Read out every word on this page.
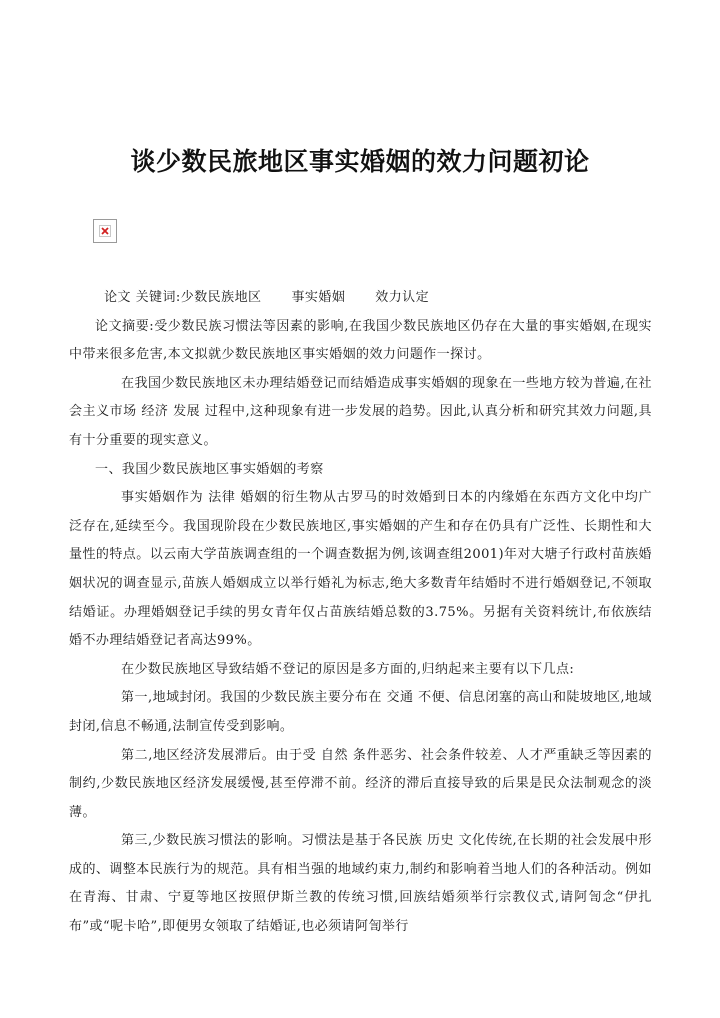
谈少数民旅地区事实婚姻的效力问题初论

论文 关键词:少数民族地区 事实婚姻 效力认定

论文摘要:受少数民族习惯法等因素的影响,在我国少数民族地区仍存在大量的事实婚姻,在现实中带来很多危害,本文拟就少数民族地区事实婚姻的效力问题作一探讨。

在我国少数民族地区未办理结婚登记而结婚造成事实婚姻的现象在一些地方较为普遍,在社会主义市场 经济 发展 过程中,这种现象有进一步发展的趋势。因此,认真分析和研究其效力问题,具有十分重要的现实意义。

一、我国少数民族地区事实婚姻的考察

事实婚姻作为 法律 婚姻的衍生物从古罗马的时效婚到日本的内缘婚在东西方文化中均广泛存在,延续至今。我国现阶段在少数民族地区,事实婚姻的产生和存在仍具有广泛性、长期性和大量性的特点。以云南大学苗族调查组的一个调查数据为例,该调查组2001)年对大塘子行政村苗族婚姻状况的调查显示,苗族人婚姻成立以举行婚礼为标志,绝大多数青年结婚时不进行婚姻登记,不领取结婚证。办理婚姻登记手续的男女青年仅占苗族结婚总数的3.75%。另据有关资料统计,布依族结婚不办理结婚登记者高达99%。

在少数民族地区导致结婚不登记的原因是多方面的,归纳起来主要有以下几点:

第一,地域封闭。我国的少数民族主要分布在 交通 不便、信息闭塞的高山和陡坡地区,地域封闭,信息不畅通,法制宣传受到影响。

第二,地区经济发展滞后。由于受 自然 条件恶劣、社会条件较差、人才严重缺乏等因素的制约,少数民族地区经济发展缓慢,甚至停滞不前。经济的滞后直接导致的后果是民众法制观念的淡薄。

第三,少数民族习惯法的影响。习惯法是基于各民族 历史 文化传统,在长期的社会发展中形成的、调整本民族行为的规范。具有相当强的地域约束力,制约和影响着当地人们的各种活动。例如在青海、甘肃、宁夏等地区按照伊斯兰教的传统习惯,回族结婚须举行宗教仪式,请阿訇念“伊扎布”或“呢卡哈”,即便男女领取了结婚证,也必须请阿訇举行
